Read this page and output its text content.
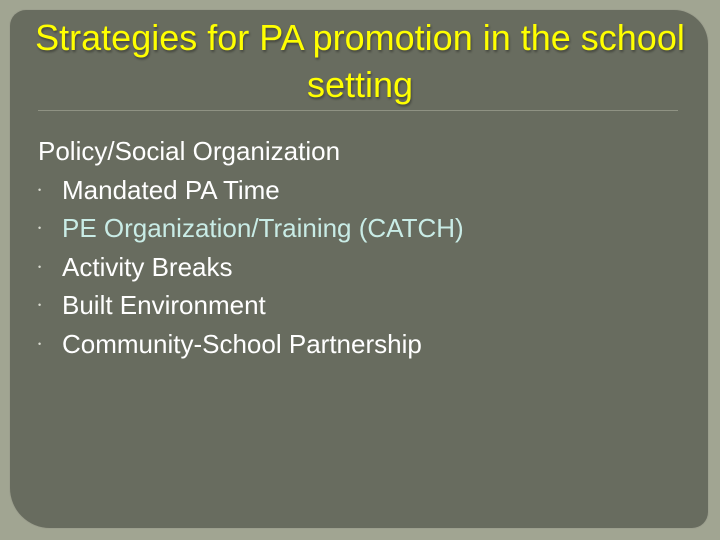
Strategies for PA promotion in the school setting
Policy/Social Organization
• Mandated PA Time
• PE Organization/Training (CATCH)
• Activity Breaks
• Built Environment
• Community-School Partnership
